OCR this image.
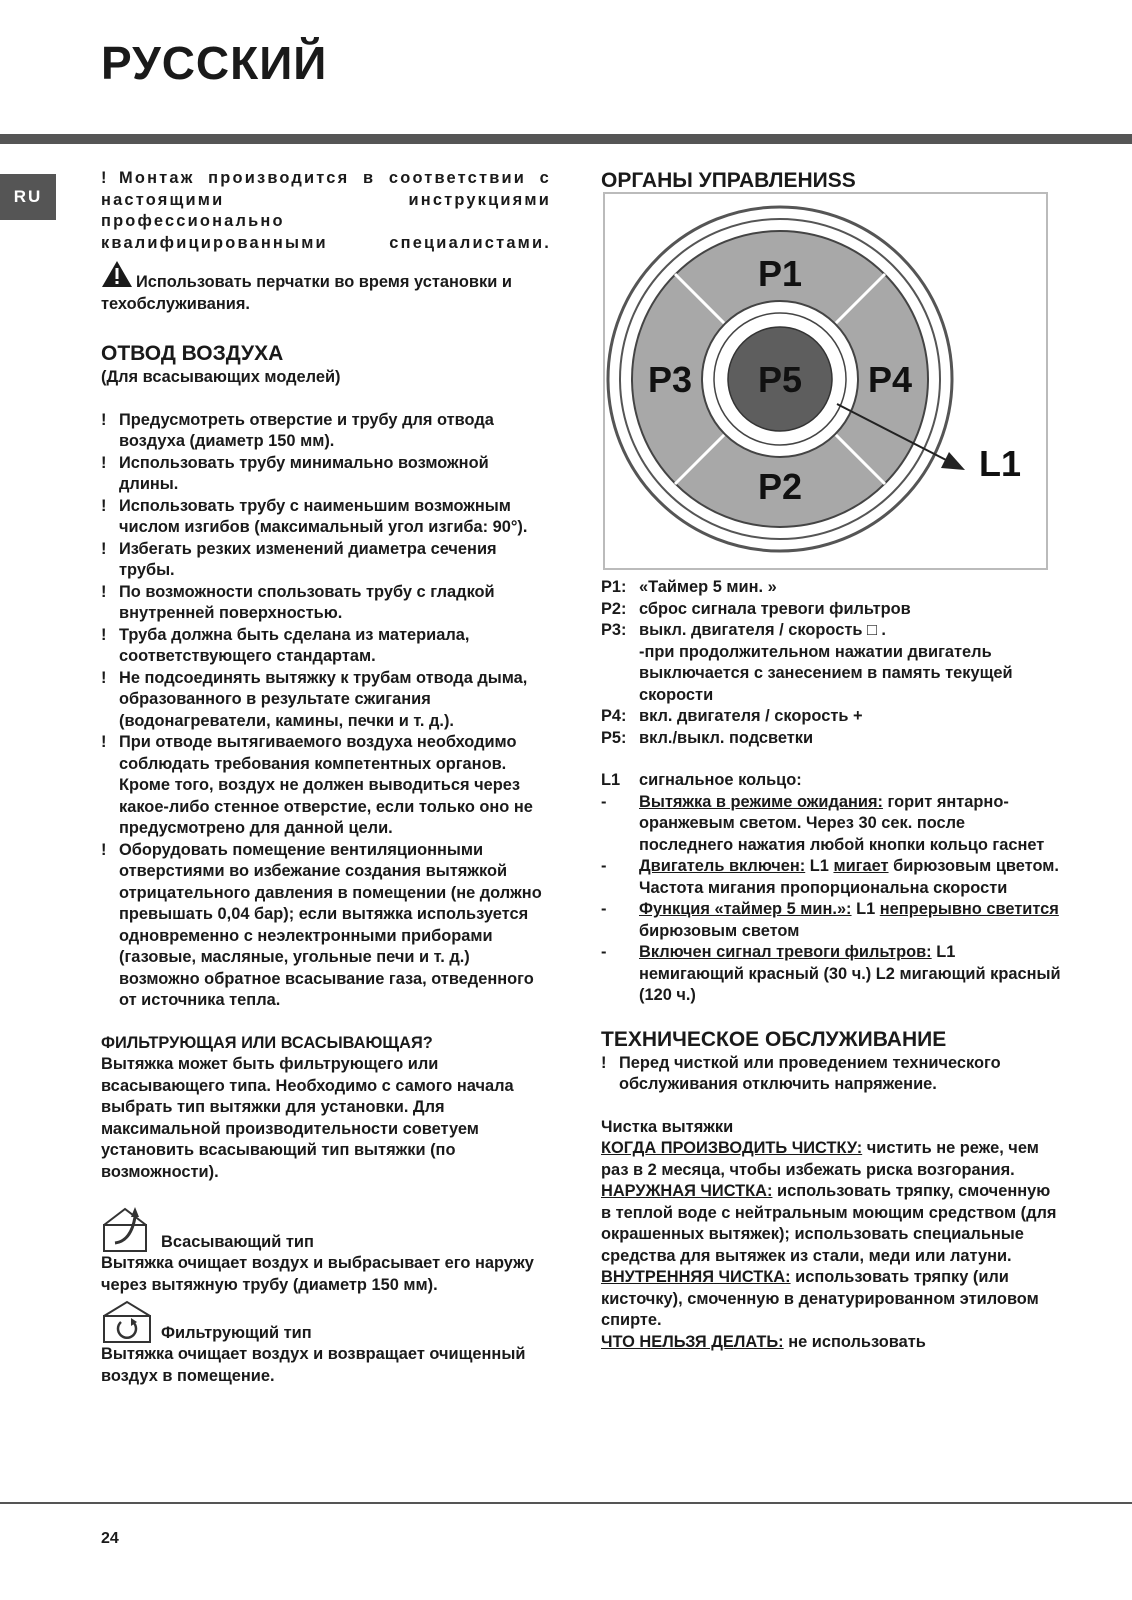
РУССКИЙ
RU
! Монтаж производится в соответствии с
настоящими инструкциями профессионально
квалифицированными специалистами.
Использовать перчатки во время установки и техобслуживания.
ОТВОД ВОЗДУХА
(Для всасывающих моделей)
! Предусмотреть отверстие и трубу для отвода воздуха (диаметр 150 мм).
! Использовать трубу минимально возможной длины.
! Использовать трубу с наименьшим возможным числом изгибов (максимальный угол изгиба: 90°).
! Избегать резких изменений диаметра сечения трубы.
! По возможности спользовать трубу с гладкой внутренней поверхностью.
! Труба должна быть сделана из материала, соответствующего стандартам.
! Не подсоединять вытяжку к трубам отвода дыма, образованного в результате сжигания (водонагреватели, камины, печки и т. д.).
! При отводе вытягиваемого воздуха необходимо соблюдать требования компетентных органов. Кроме того, воздух не должен выводиться через какое-либо стенное отверстие, если только оно не предусмотрено для данной цели.
! Оборудовать помещение вентиляционными отверстиями во избежание создания вытяжкой отрицательного давления в помещении (не должно превышать 0,04 бар); если вытяжка используется одновременно с неэлектронными приборами (газовые, масляные, угольные печи и т. д.) возможно обратное всасывание газа, отведенного от источника тепла.
ФИЛЬТРУЮЩАЯ ИЛИ ВСАСЫВАЮЩАЯ?
Вытяжка может быть фильтрующего или всасывающего типа. Необходимо с самого начала выбрать тип вытяжки для установки. Для максимальной производительности советуем установить всасывающий тип вытяжки (по возможности).
Всасывающий тип
Вытяжка очищает воздух и выбрасывает его наружу через вытяжную трубу (диаметр 150 мм).
Фильтрующий тип
Вытяжка очищает воздух и возвращает очищенный воздух в помещение.
ОРГАНЫ УПРАВЛЕНИSS
P1
P2
P3	P4
P5
L1
P1: «Таймер 5 мин. »
P2: сброс сигнала тревоги фильтров
P3: выкл. двигателя / скорость □ .
-при продолжительном нажатии двигатель выключается с занесением в память текущей скорости
P4: вкл. двигателя / скорость +
P5: вкл./выкл. подсветки
L1	сигнальное кольцо:
-	Вытяжка в режиме ожидания: горит янтарно-оранжевым светом. Через 30 сек. после последнего нажатия любой кнопки кольцо гаснет
-	Двигатель включен: L1 мигает бирюзовым цветом. Частота мигания пропорциональна скорости
-	Функция «таймер 5 мин.»: L1 непрерывно светится бирюзовым светом
-	Включен сигнал тревоги фильтров: L1 немигающий красный (30 ч.) L2 мигающий красный (120 ч.)
ТЕХНИЧЕСКОЕ ОБСЛУЖИВАНИЕ
! Перед чисткой или проведением технического обслуживания отключить напряжение.
Чистка вытяжки
КОГДА ПРОИЗВОДИТЬ ЧИСТКУ: чистить не реже, чем раз в 2 месяца, чтобы избежать риска возгорания.
НАРУЖНАЯ ЧИСТКА: использовать тряпку, смоченную в теплой воде с нейтральным моющим средством (для окрашенных вытяжек); использовать специальные средства для вытяжек из стали, меди или латуни.
ВНУТРЕННЯЯ ЧИСТКА: использовать тряпку (или кисточку), смоченную в денатурированном этиловом спирте.
ЧТО НЕЛЬЗЯ ДЕЛАТЬ: не использовать
24
